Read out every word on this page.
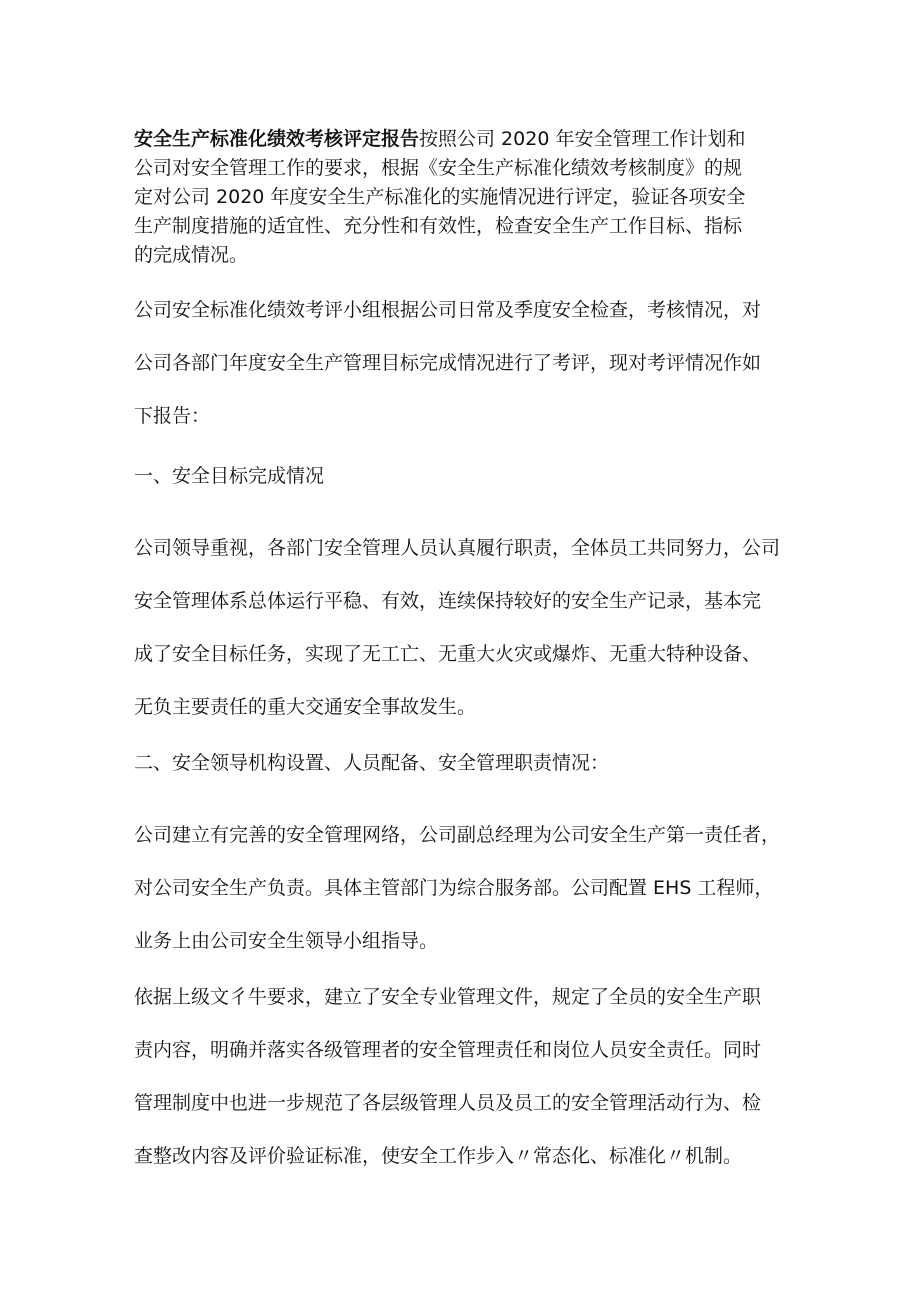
安全生产标准化绩效考核评定报告按照公司 2020 年安全管理工作计划和
公司对安全管理工作的要求，根据《安全生产标准化绩效考核制度》的规
定对公司 2020 年度安全生产标准化的实施情况进行评定，验证各项安全
生产制度措施的适宜性、充分性和有效性，检查安全生产工作目标、指标
的完成情况。

公司安全标准化绩效考评小组根据公司日常及季度安全检查，考核情况，对
公司各部门年度安全生产管理目标完成情况进行了考评，现对考评情况作如
下报告：

一、安全目标完成情况

公司领导重视，各部门安全管理人员认真履行职责，全体员工共同努力，公司
安全管理体系总体运行平稳、有效，连续保持较好的安全生产记录，基本完
成了安全目标任务，实现了无工亡、无重大火灾或爆炸、无重大特种设备、
无负主要责任的重大交通安全事故发生。

二、安全领导机构设置、人员配备、安全管理职责情况：

公司建立有完善的安全管理网络，公司副总经理为公司安全生产第一责任者，
对公司安全生产负责。具体主管部门为综合服务部。公司配置 EHS 工程师，
业务上由公司安全生领导小组指导。

依据上级文彳牛要求，建立了安全专业管理文件，规定了全员的安全生产职
责内容，明确并落实各级管理者的安全管理责任和岗位人员安全责任。同时
管理制度中也进一步规范了各层级管理人员及员工的安全管理活动行为、检
查整改内容及评价验证标准，使安全工作步入〃常态化、标准化〃机制。
